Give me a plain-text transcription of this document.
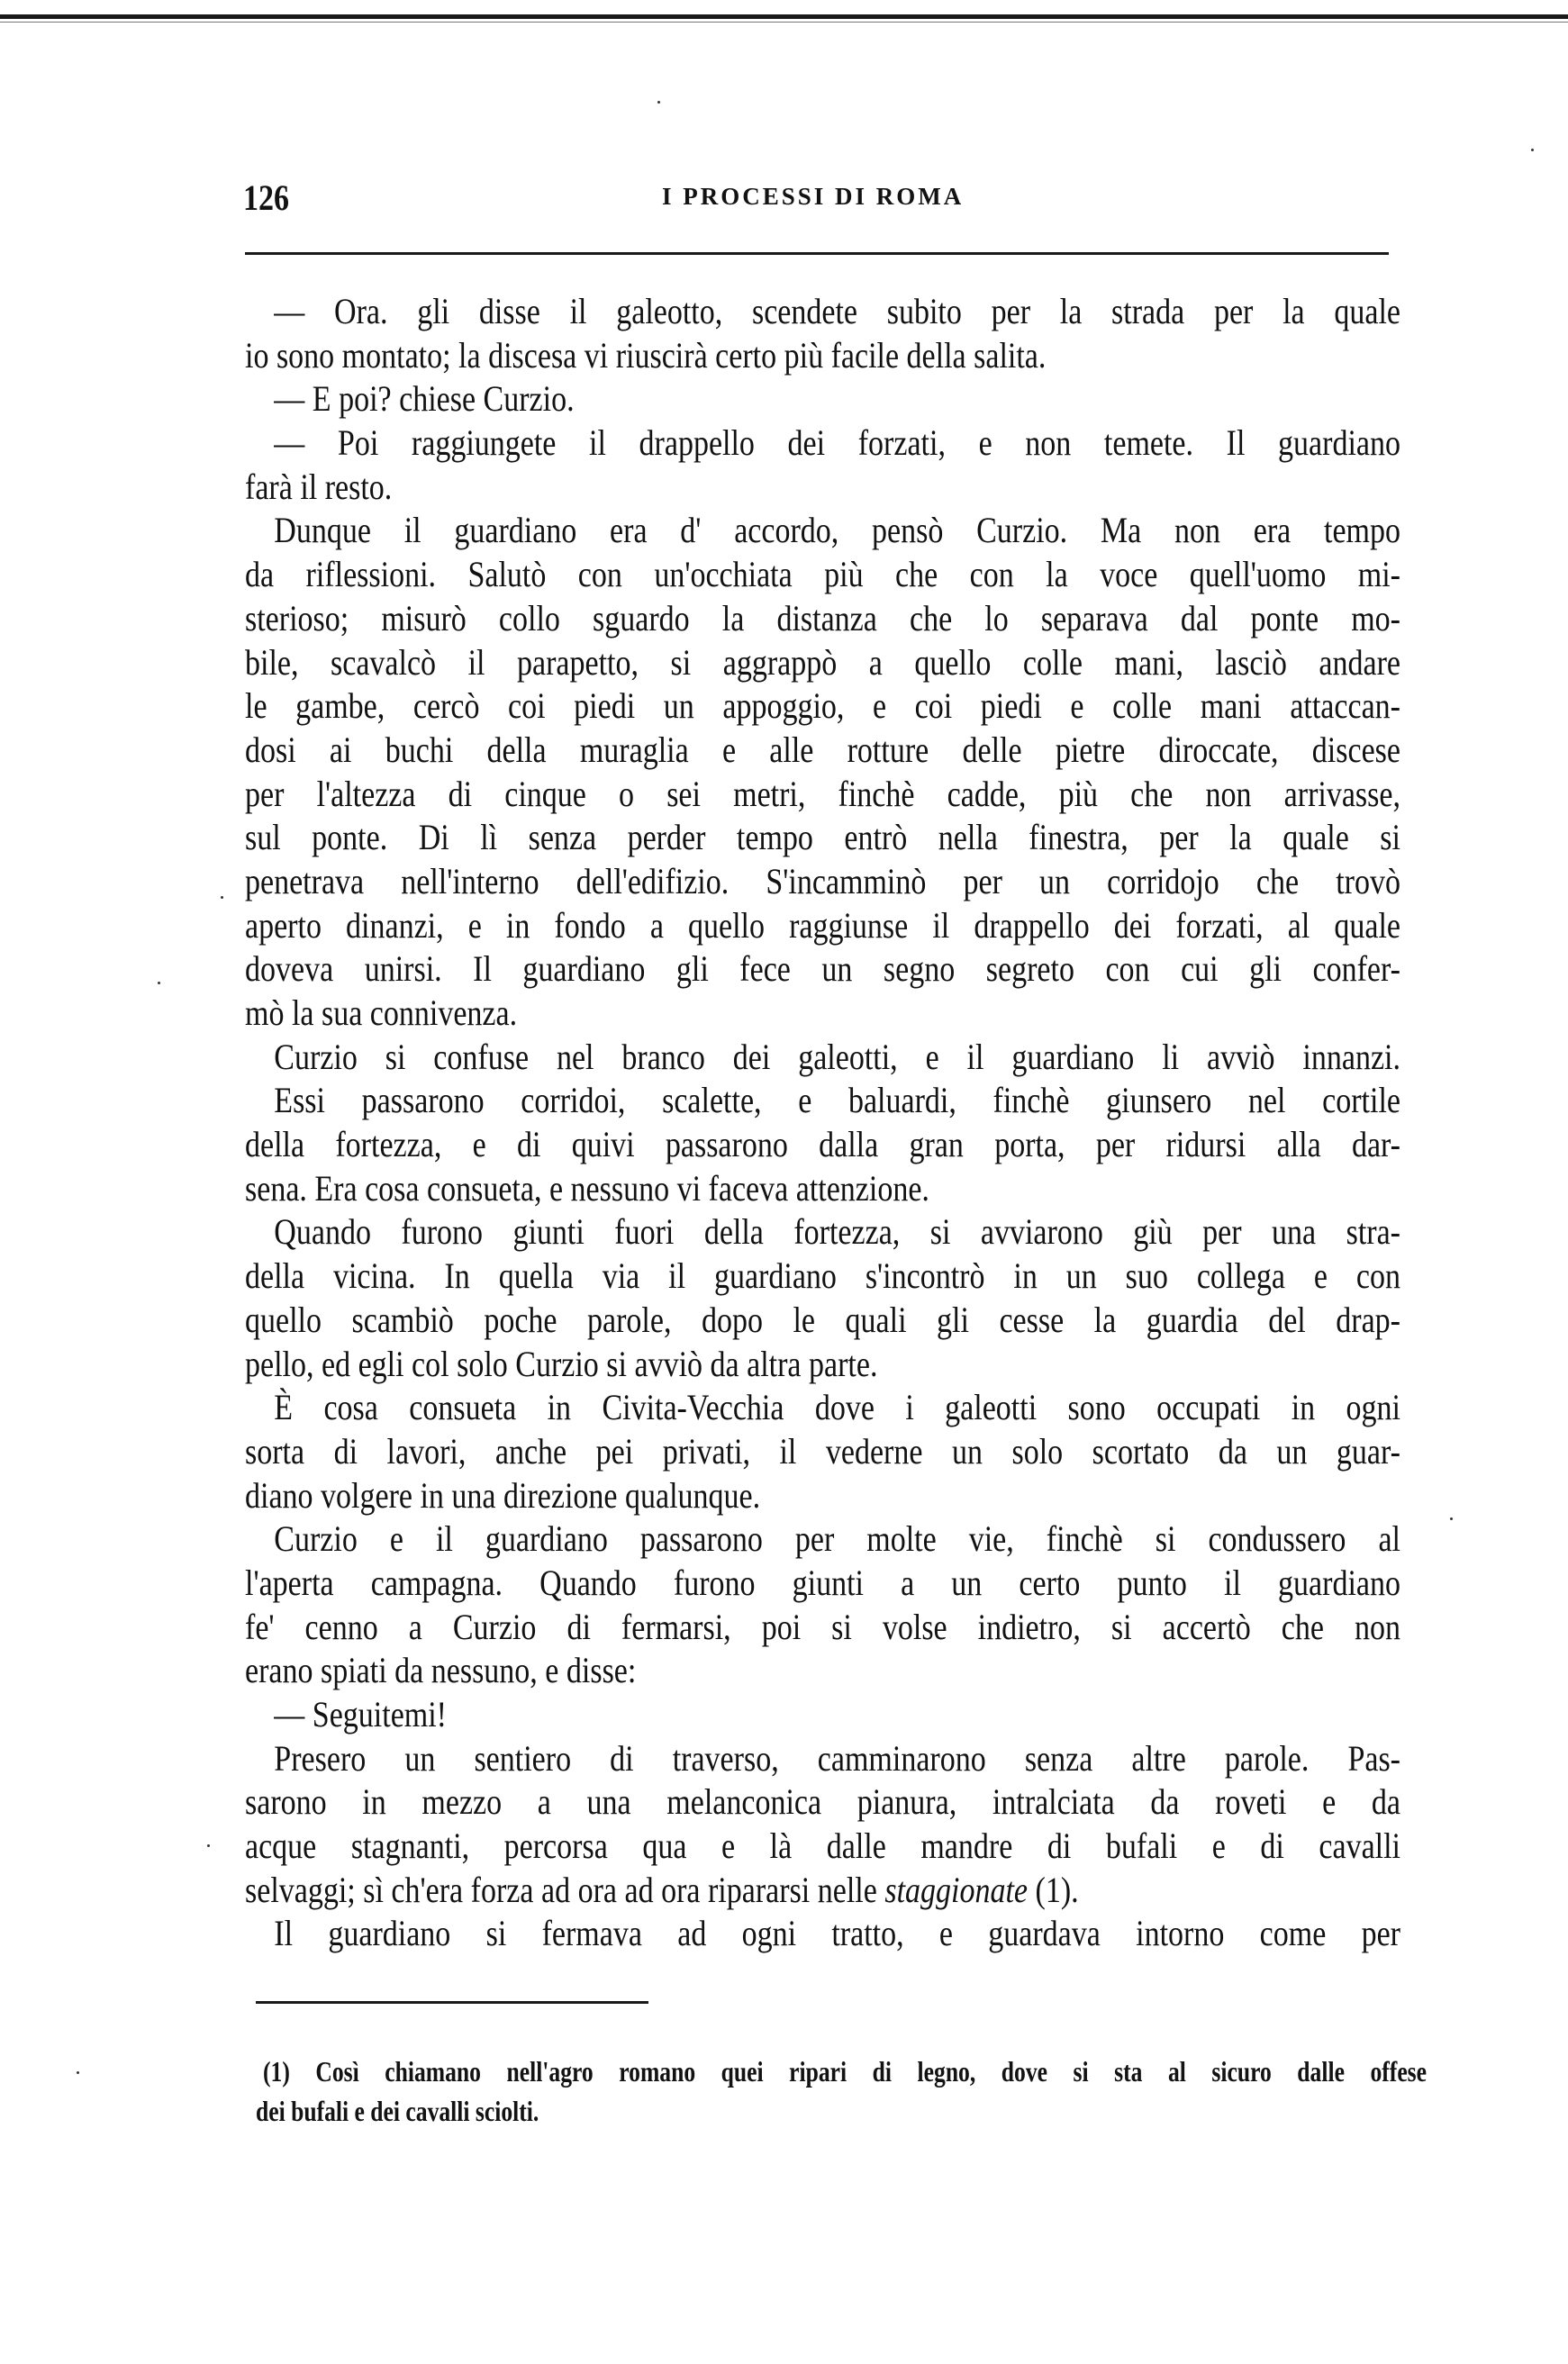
126	I PROCESSI DI ROMA
— Ora. gli disse il galeotto, scendete subito per la strada per la quale
io sono montato; la discesa vi riuscirà certo più facile della salita.
— E poi? chiese Curzio.
— Poi raggiungete il drappello dei forzati, e non temete. Il guardiano
farà il resto.
Dunque il guardiano era d' accordo, pensò Curzio. Ma non era tempo
da riflessioni. Salutò con un'occhiata più che con la voce quell'uomo mi-
sterioso; misurò collo sguardo la distanza che lo separava dal ponte mo-
bile, scavalcò il parapetto, si aggrappò a quello colle mani, lasciò andare
le gambe, cercò coi piedi un appoggio, e coi piedi e colle mani attaccan-
dosi ai buchi della muraglia e alle rotture delle pietre diroccate, discese
per l'altezza di cinque o sei metri, finchè cadde, più che non arrivasse,
sul ponte. Di lì senza perder tempo entrò nella finestra, per la quale si
penetrava nell'interno dell'edifizio. S'incamminò per un corridojo che trovò
aperto dinanzi, e in fondo a quello raggiunse il drappello dei forzati, al quale
doveva unirsi. Il guardiano gli fece un segno segreto con cui gli confer-
mò la sua connivenza.
Curzio si confuse nel branco dei galeotti, e il guardiano li avviò innanzi.
Essi passarono corridoi, scalette, e baluardi, finchè giunsero nel cortile
della fortezza, e di quivi passarono dalla gran porta, per ridursi alla dar-
sena. Era cosa consueta, e nessuno vi faceva attenzione.
Quando furono giunti fuori della fortezza, si avviarono giù per una stra-
della vicina. In quella via il guardiano s'incontrò in un suo collega e con
quello scambiò poche parole, dopo le quali gli cesse la guardia del drap-
pello, ed egli col solo Curzio si avviò da altra parte.
È cosa consueta in Civita-Vecchia dove i galeotti sono occupati in ogni
sorta di lavori, anche pei privati, il vederne un solo scortato da un guar-
diano volgere in una direzione qualunque.
Curzio e il guardiano passarono per molte vie, finchè si condussero al
l'aperta campagna. Quando furono giunti a un certo punto il guardiano
fe' cenno a Curzio di fermarsi, poi si volse indietro, si accertò che non
erano spiati da nessuno, e disse:
— Seguitemi!
Presero un sentiero di traverso, camminarono senza altre parole. Pas-
sarono in mezzo a una melanconica pianura, intralciata da roveti e da
acque stagnanti, percorsa qua e là dalle mandre di bufali e di cavalli
selvaggi; sì ch'era forza ad ora ad ora ripararsi nelle staggionate (1).
Il guardiano si fermava ad ogni tratto, e guardava intorno come per
(1) Così chiamano nell'agro romano quei ripari di legno, dove si sta al sicuro dalle offese
dei bufali e dei cavalli sciolti.
